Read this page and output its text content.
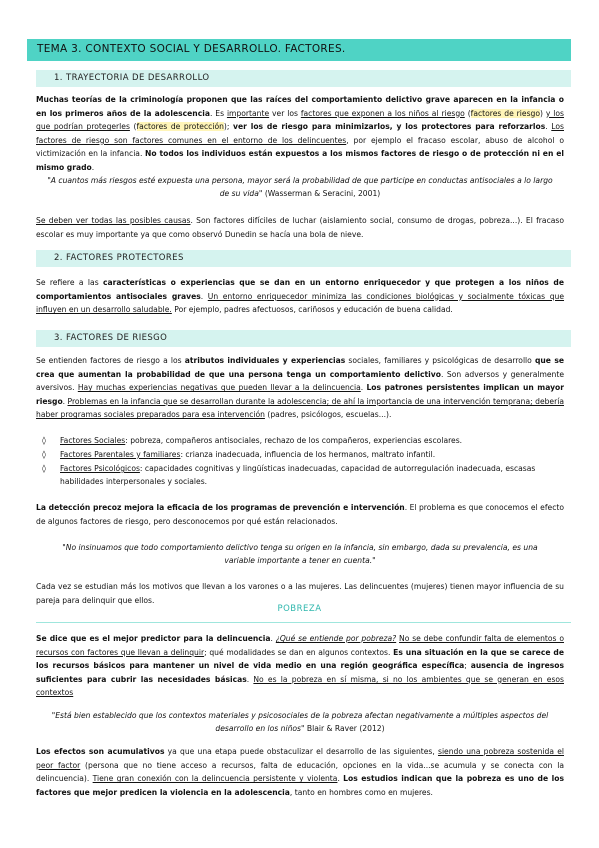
TEMA 3. CONTEXTO SOCIAL Y DESARROLLO. FACTORES.
1. TRAYECTORIA DE DESARROLLO
Muchas teorías de la criminología proponen que las raíces del comportamiento delictivo grave aparecen en la infancia o en los primeros años de la adolescencia. Es importante ver los factores que exponen a los niños al riesgo (factores de riesgo) y los que podrían protegerles (factores de protección); ver los de riesgo para minimizarlos, y los protectores para reforzarlos. Los factores de riesgo son factores comunes en el entorno de los delincuentes, por ejemplo el fracaso escolar, abuso de alcohol o victimización en la infancia. No todos los individuos están expuestos a los mismos factores de riesgo o de protección ni en el mismo grado.
"A cuantos más riesgos esté expuesta una persona, mayor será la probabilidad de que participe en conductas antisociales a lo largo de su vida" (Wasserman & Seracini, 2001)
Se deben ver todas las posibles causas. Son factores difíciles de luchar (aislamiento social, consumo de drogas, pobreza...). El fracaso escolar es muy importante ya que como observó Dunedin se hacía una bola de nieve.
2. FACTORES PROTECTORES
Se refiere a las características o experiencias que se dan en un entorno enriquecedor y que protegen a los niños de comportamientos antisociales graves. Un entorno enriquecedor minimiza las condiciones biológicas y socialmente tóxicas que influyen en un desarrollo saludable. Por ejemplo, padres afectuosos, cariñosos y educación de buena calidad.
3. FACTORES DE RIESGO
Se entienden factores de riesgo a los atributos individuales y experiencias sociales, familiares y psicológicas de desarrollo que se crea que aumentan la probabilidad de que una persona tenga un comportamiento delictivo. Son adversos y generalmente aversivos. Hay muchas experiencias negativas que pueden llevar a la delincuencia. Los patrones persistentes implican un mayor riesgo. Problemas en la infancia que se desarrollan durante la adolescencia; de ahí la importancia de una intervención temprana; debería haber programas sociales preparados para esa intervención (padres, psicólogos, escuelas...).
◊ Factores Sociales: pobreza, compañeros antisociales, rechazo de los compañeros, experiencias escolares.
◊ Factores Parentales y familiares: crianza inadecuada, influencia de los hermanos, maltrato infantil.
◊ Factores Psicológicos: capacidades cognitivas y lingüísticas inadecuadas, capacidad de autorregulación inadecuada, escasas habilidades interpersonales y sociales.
La detección precoz mejora la eficacia de los programas de prevención e intervención. El problema es que conocemos el efecto de algunos factores de riesgo, pero desconocemos por qué están relacionados.
"No insinuamos que todo comportamiento delictivo tenga su origen en la infancia, sin embargo, dada su prevalencia, es una variable importante a tener en cuenta."
Cada vez se estudian más los motivos que llevan a los varones o a las mujeres. Las delincuentes (mujeres) tienen mayor influencia de su pareja para delinquir que ellos.
POBREZA
Se dice que es el mejor predictor para la delincuencia. ¿Qué se entiende por pobreza? No se debe confundir falta de elementos o recursos con factores que llevan a delinquir; qué modalidades se dan en algunos contextos. Es una situación en la que se carece de los recursos básicos para mantener un nivel de vida medio en una región geográfica específica; ausencia de ingresos suficientes para cubrir las necesidades básicas. No es la pobreza en sí misma, si no los ambientes que se generan en esos contextos
"Está bien establecido que los contextos materiales y psicosociales de la pobreza afectan negativamente a múltiples aspectos del desarrollo en los niños" Blair & Raver (2012)
Los efectos son acumulativos ya que una etapa puede obstaculizar el desarrollo de las siguientes, siendo una pobreza sostenida el peor factor (persona que no tiene acceso a recursos, falta de educación, opciones en la vida...se acumula y se conecta con la delincuencia). Tiene gran conexión con la delincuencia persistente y violenta. Los estudios indican que la pobreza es uno de los factores que mejor predicen la violencia en la adolescencia, tanto en hombres como en mujeres.
